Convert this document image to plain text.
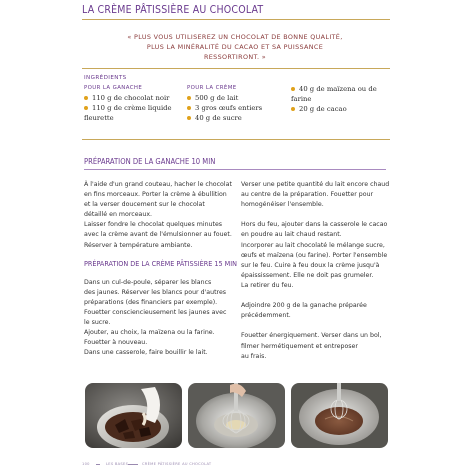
LA CRÈME PÂTISSIÈRE AU CHOCOLAT
« PLUS VOUS UTILISEREZ UN CHOCOLAT DE BONNE QUALITÉ,
PLUS LA MINÉRALITÉ DU CACAO ET SA PUISSANCE
RESSORTIRONT. »
INGRÉDIENTS
POUR LA GANACHE
110 g de chocolat noir
110 g de crème liquide
fleurette
POUR LA CRÈME
500 g de lait
3 gros œufs entiers
40 g de sucre
40 g de maïzena ou de
farine
20 g de cacao
PRÉPARATION DE LA GANACHE 10 MIN

À l'aide d'un grand couteau, hacher le chocolat

en fins morceaux. Porter la crème à ébullition

et la verser doucement sur le chocolat

détaillé en morceaux.

Laisser fondre le chocolat quelques minutes

avec la crème avant de l'émulsionner au fouet.

Réserver à température ambiante.

PRÉPARATION DE LA CRÈME PÂTISSIÈRE 15 MIN

Dans un cul-de-poule, séparer les blancs

des jaunes. Réserver les blancs pour d'autres

préparations (des financiers par exemple).

Fouetter consciencieusement les jaunes avec

le sucre.

Ajouter, au choix, la maïzena ou la farine.

Fouetter à nouveau.

Dans une casserole, faire bouillir le lait.

Verser une petite quantité du lait encore chaud

au centre de la préparation. Fouetter pour

homogénéiser l'ensemble.

Hors du feu, ajouter dans la casserole le cacao

en poudre au lait chaud restant.

Incorporer au lait chocolaté le mélange sucre,

œufs et maïzena (ou farine). Porter l'ensemble

sur le feu. Cuire à feu doux la crème jusqu'à

épaississement. Elle ne doit pas grumeler.

La retirer du feu.

Adjoindre 200 g de la ganache préparée

précédemment.

Fouetter énergiquement. Verser dans un bol,

filmer hermétiquement et entreposer

au frais.

100	LES BASES	CRÈME PÂTISSIÈRE AU CHOCOLAT
